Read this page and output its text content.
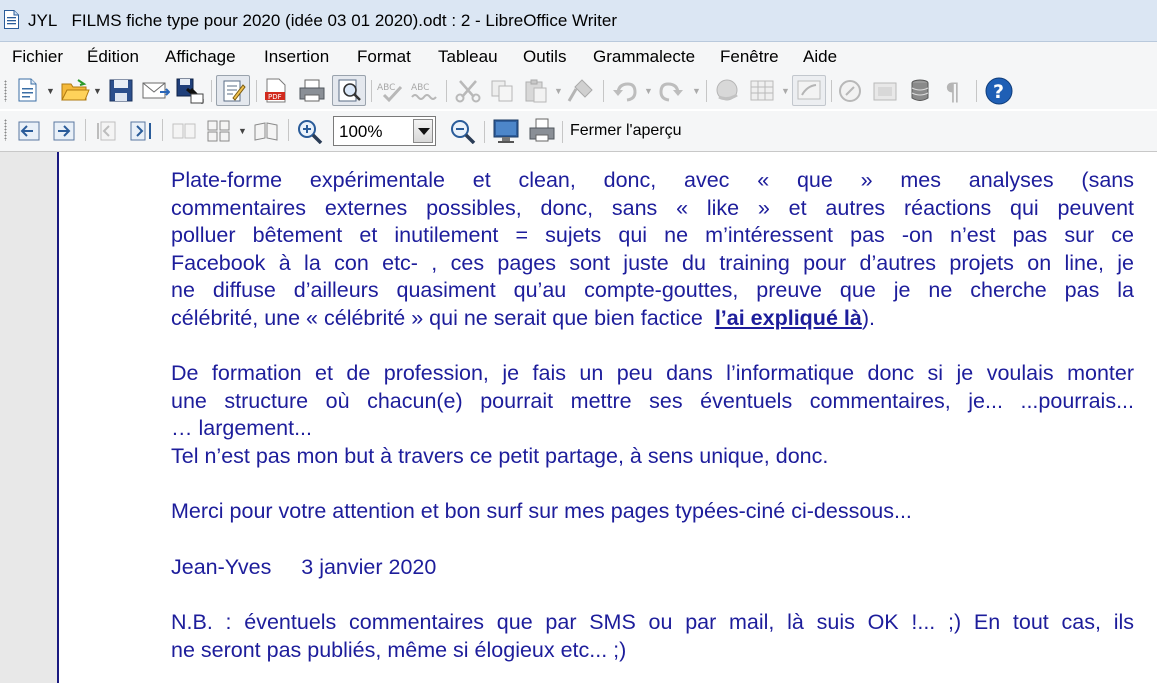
JYL FILMS fiche type pour 2020 (idée 03 01 2020).odt : 2 - LibreOffice Writer
Fichier Édition Affichage Insertion Format Tableau Outils Grammalecte Fenêtre Aide
▼	▼
PDF
ABC ABC	▼	▼	▼	▼	¶ ?
▼	100%	Fermer l'aperçu
Plate-forme expérimentale et clean, donc, avec « que » mes analyses (sans
commentaires externes possibles, donc, sans « like » et autres réactions qui peuvent
polluer bêtement et inutilement = sujets qui ne m’intéressent pas -on n’est pas sur ce
Facebook à la con etc- , ces pages sont juste du training pour d’autres projets on line, je
ne diffuse d’ailleurs quasiment qu’au compte-gouttes, preuve que je ne cherche pas la
célébrité, une « célébrité » qui ne serait que bien factice  l’ai expliqué là).
De formation et de profession, je fais un peu dans l’informatique donc si je voulais monter
une structure où chacun(e) pourrait mettre ses éventuels commentaires, je... ...pourrais...
… largement...
Tel n’est pas mon but à travers ce petit partage, à sens unique, donc.
Merci pour votre attention et bon surf sur mes pages typées-ciné ci-dessous...
Jean-Yves     3 janvier 2020
N.B. : éventuels commentaires que par SMS ou par mail, là suis OK !... ;) En tout cas, ils
ne seront pas publiés, même si élogieux etc... ;)
